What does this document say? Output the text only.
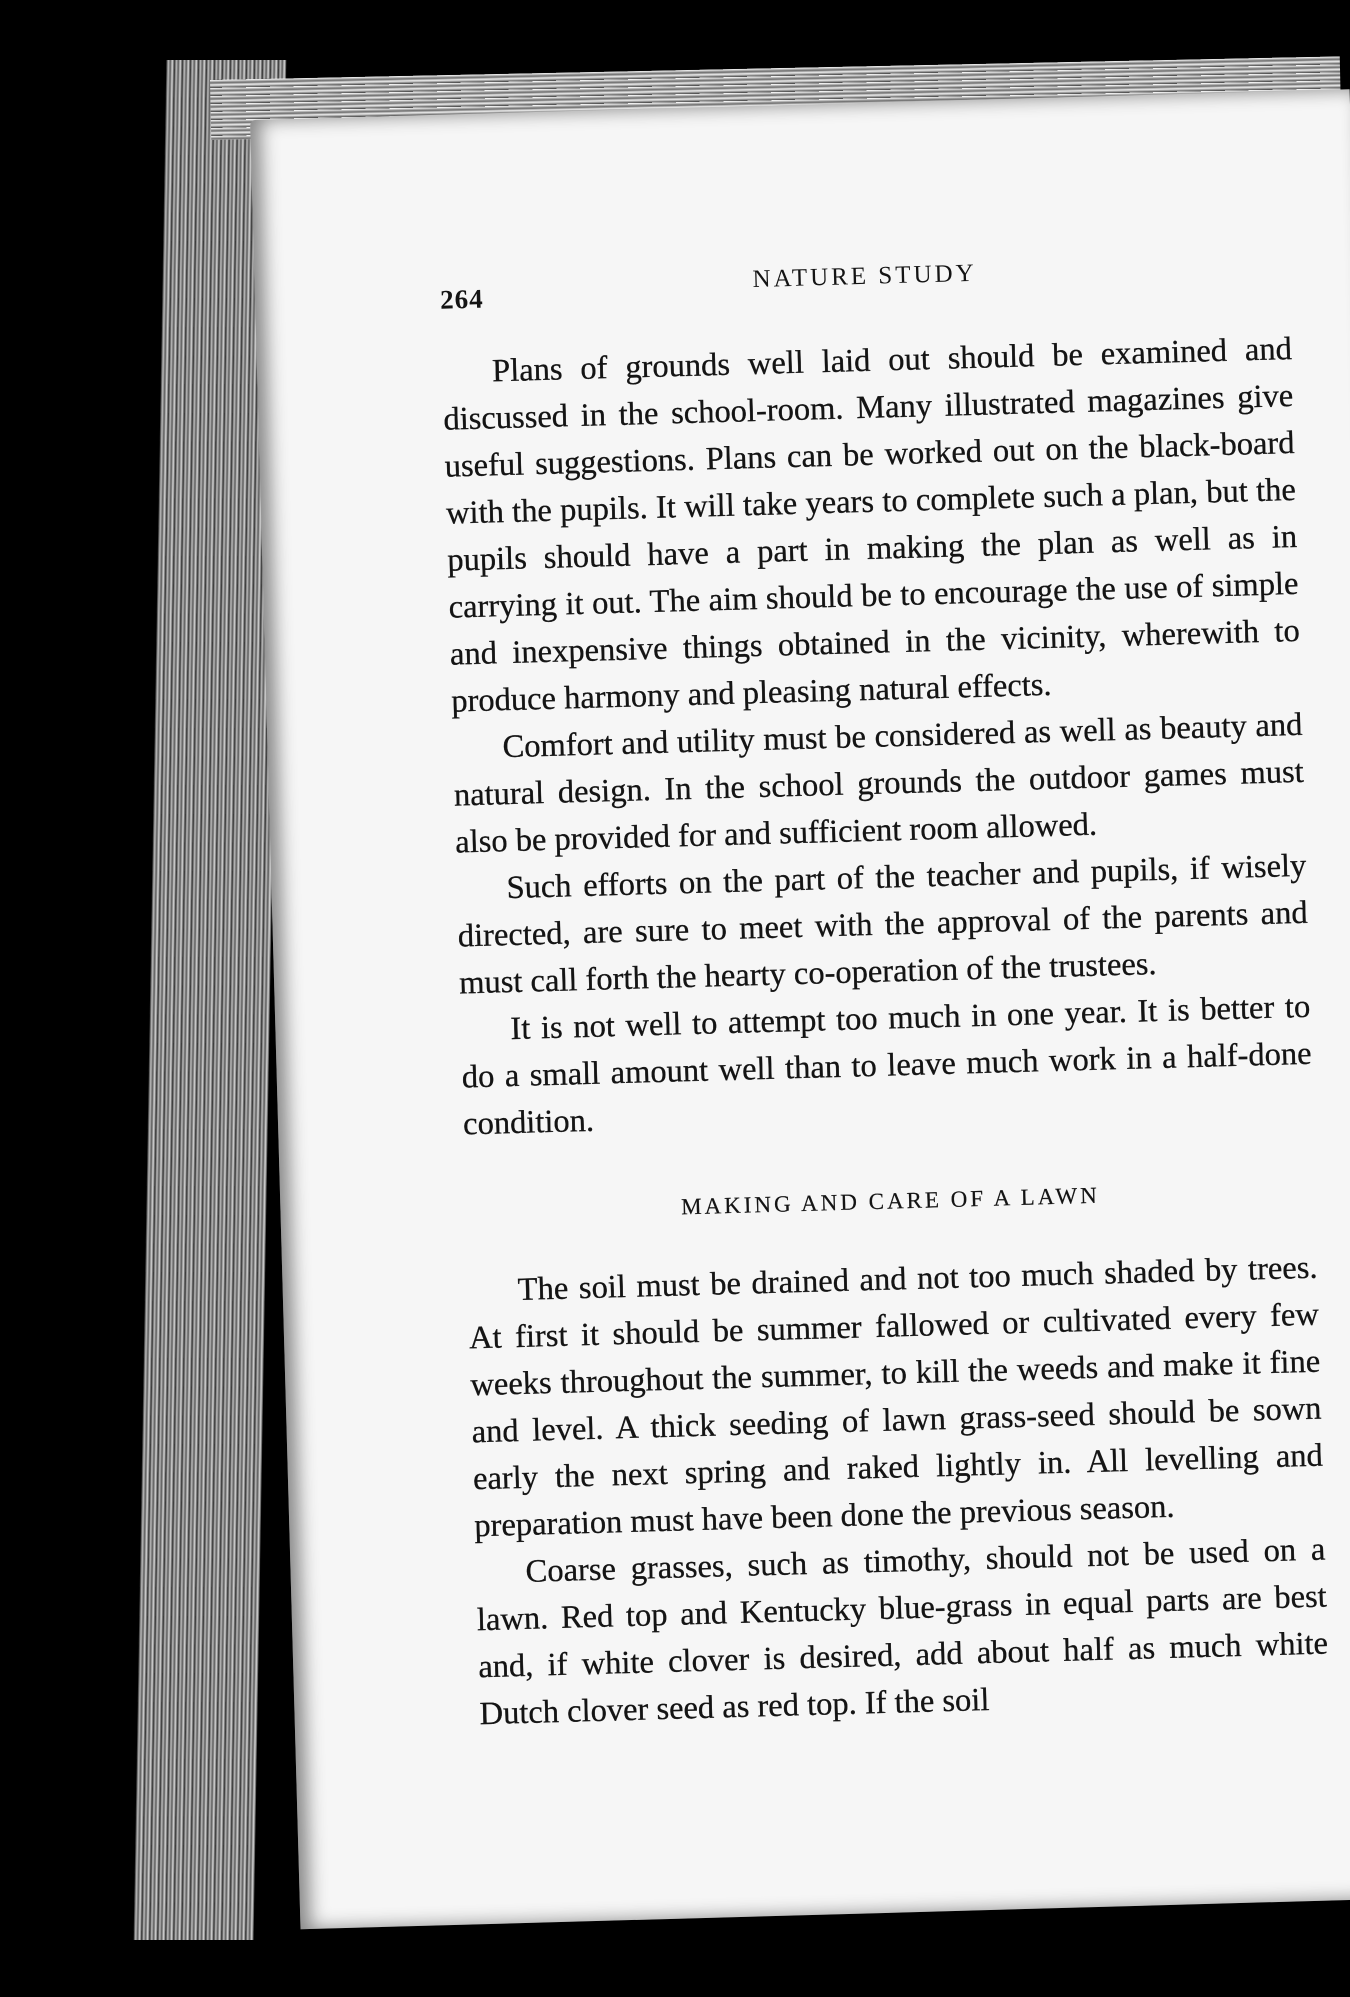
264
NATURE STUDY

Plans of grounds well laid out should be examined and discussed in the school-room. Many illustrated magazines give useful suggestions. Plans can be worked out on the black-board with the pupils. It will take years to complete such a plan, but the pupils should have a part in making the plan as well as in carrying it out. The aim should be to encourage the use of simple and inexpensive things obtained in the vicinity, wherewith to produce harmony and pleasing natural effects.

Comfort and utility must be considered as well as beauty and natural design. In the school grounds the outdoor games must also be provided for and sufficient room allowed.

Such efforts on the part of the teacher and pupils, if wisely directed, are sure to meet with the approval of the parents and must call forth the hearty co-operation of the trustees.

It is not well to attempt too much in one year. It is better to do a small amount well than to leave much work in a half-done condition.

MAKING AND CARE OF A LAWN

The soil must be drained and not too much shaded by trees. At first it should be summer fallowed or cultivated every few weeks throughout the summer, to kill the weeds and make it fine and level. A thick seeding of lawn grass-seed should be sown early the next spring and raked lightly in. All levelling and preparation must have been done the previous season.

Coarse grasses, such as timothy, should not be used on a lawn. Red top and Kentucky blue-grass in equal parts are best and, if white clover is desired, add about half as much white Dutch clover seed as red top. If the soil
